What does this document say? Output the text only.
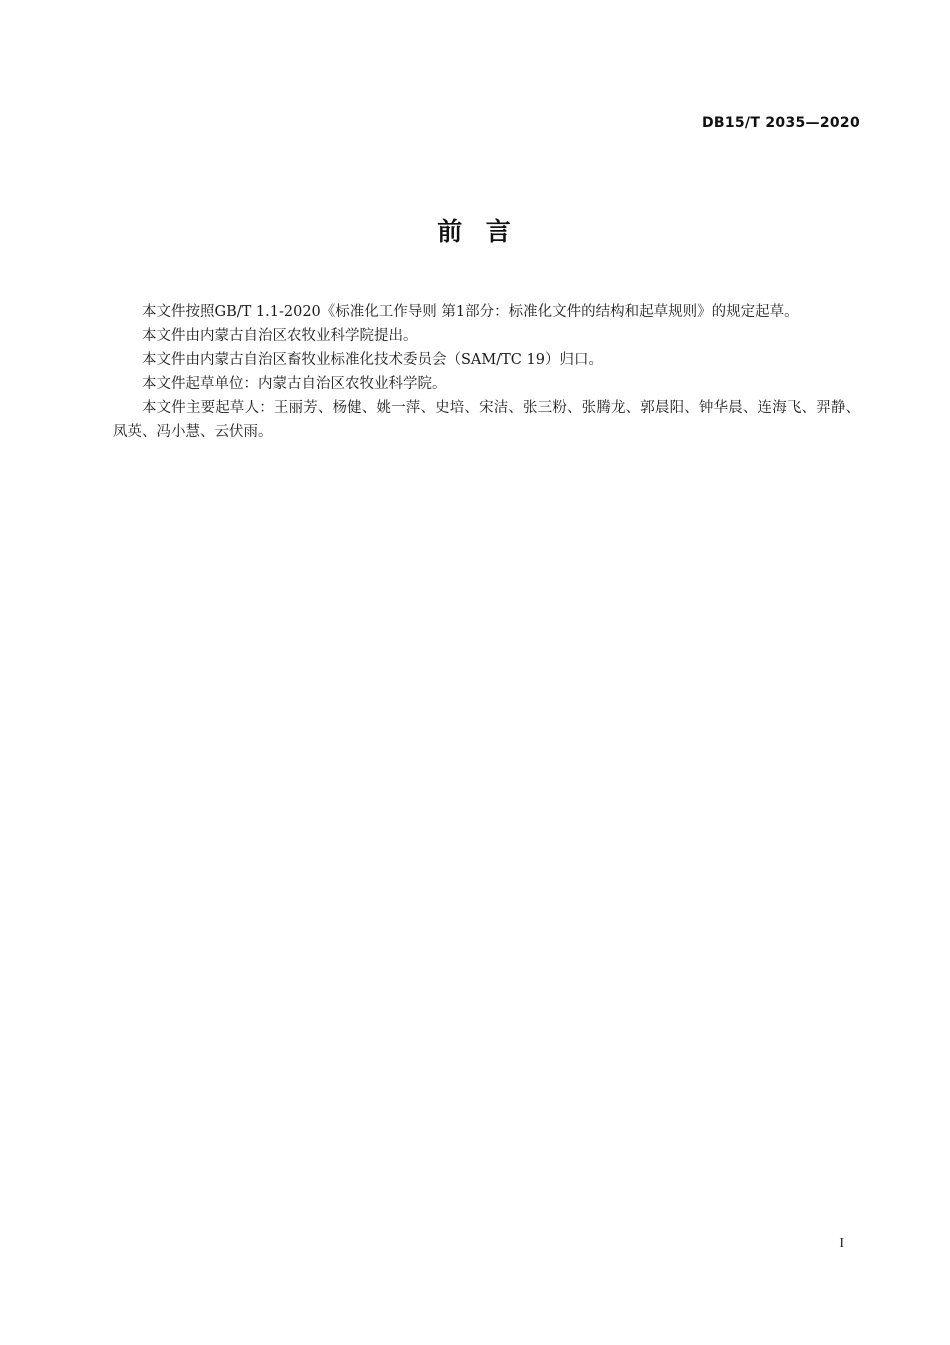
DB15/T 2035—2020
前  言

本文件按照GB/T 1.1-2020《标准化工作导则 第1部分：标准化文件的结构和起草规则》的规定起草。

本文件由内蒙古自治区农牧业科学院提出。

本文件由内蒙古自治区畜牧业标准化技术委员会（SAM/TC 19）归口。

本文件起草单位：内蒙古自治区农牧业科学院。

本文件主要起草人：王丽芳、杨健、姚一萍、史培、宋洁、张三粉、张腾龙、郭晨阳、钟华晨、连海飞、羿静、凤英、冯小慧、云伏雨。

I
